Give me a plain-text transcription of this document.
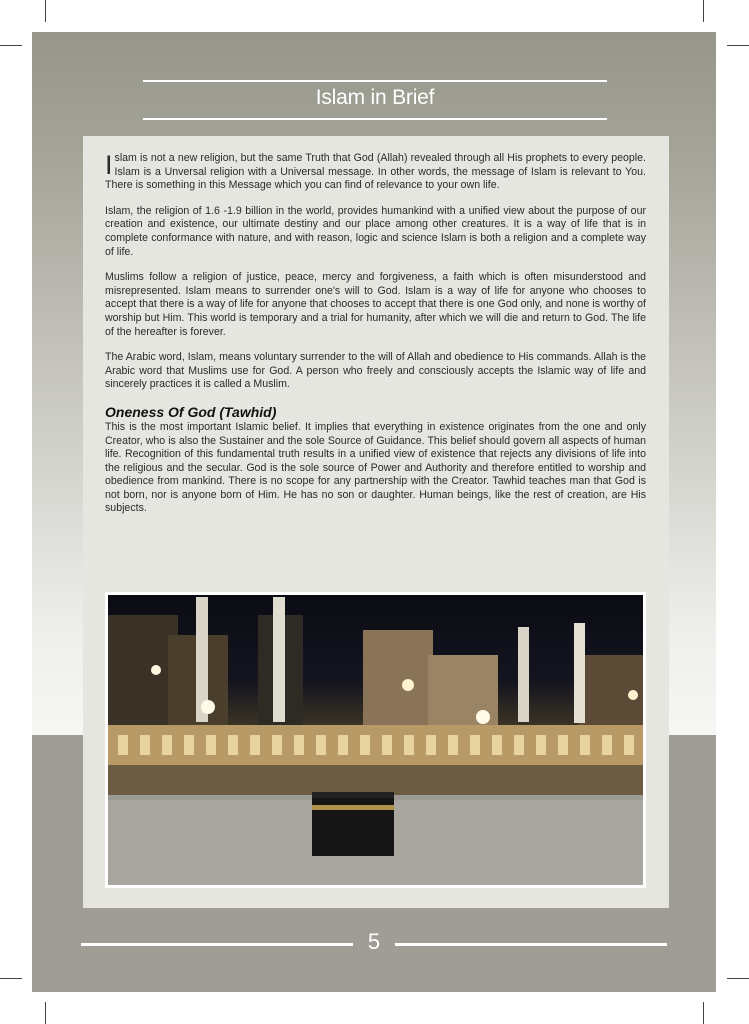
Islam in Brief

Islam is not a new religion, but the same Truth that God (Allah) revealed through all His prophets to every people. Islam is a Unversal religion with a Universal message. In other words, the message of Islam is relevant to You. There is something in this Message which you can find of relevance to your own life.

Islam, the religion of 1.6 -1.9 billion in the world, provides humankind with a unified view about the purpose of our creation and existence, our ultimate destiny and our place among other creatures. It is a way of life that is in complete conformance with nature, and with reason, logic and science Islam is both a religion and a complete way of life.

Muslims follow a religion of justice, peace, mercy and forgiveness, a faith which is often misunderstood and misrepresented. Islam means to surrender one's will to God. Islam is a way of life for anyone who chooses to accept that there is a way of life for anyone that chooses to accept that there is one God only, and none is worthy of worship but Him. This world is temporary and a trial for humanity, after which we will die and return to God. The life of the hereafter is forever.

The Arabic word, Islam, means voluntary surrender to the will of Allah and obedience to His commands. Allah is the Arabic word that Muslims use for God. A person who freely and consciously accepts the Islamic way of life and sincerely practices it is called a Muslim.

Oneness Of God (Tawhid)

This is the most important Islamic belief. It implies that everything in existence originates from the one and only Creator, who is also the Sustainer and the sole Source of Guidance. This belief should govern all aspects of human life. Recognition of this fundamental truth results in a unified view of existence that rejects any divisions of life into the religious and the secular. God is the sole source of Power and Authority and therefore entitled to worship and obedience from mankind. There is no scope for any partnership with the Creator. Tawhid teaches man that God is not born, nor is anyone born of Him. He has no son or daughter. Human beings, like the rest of creation, are His subjects.

5
